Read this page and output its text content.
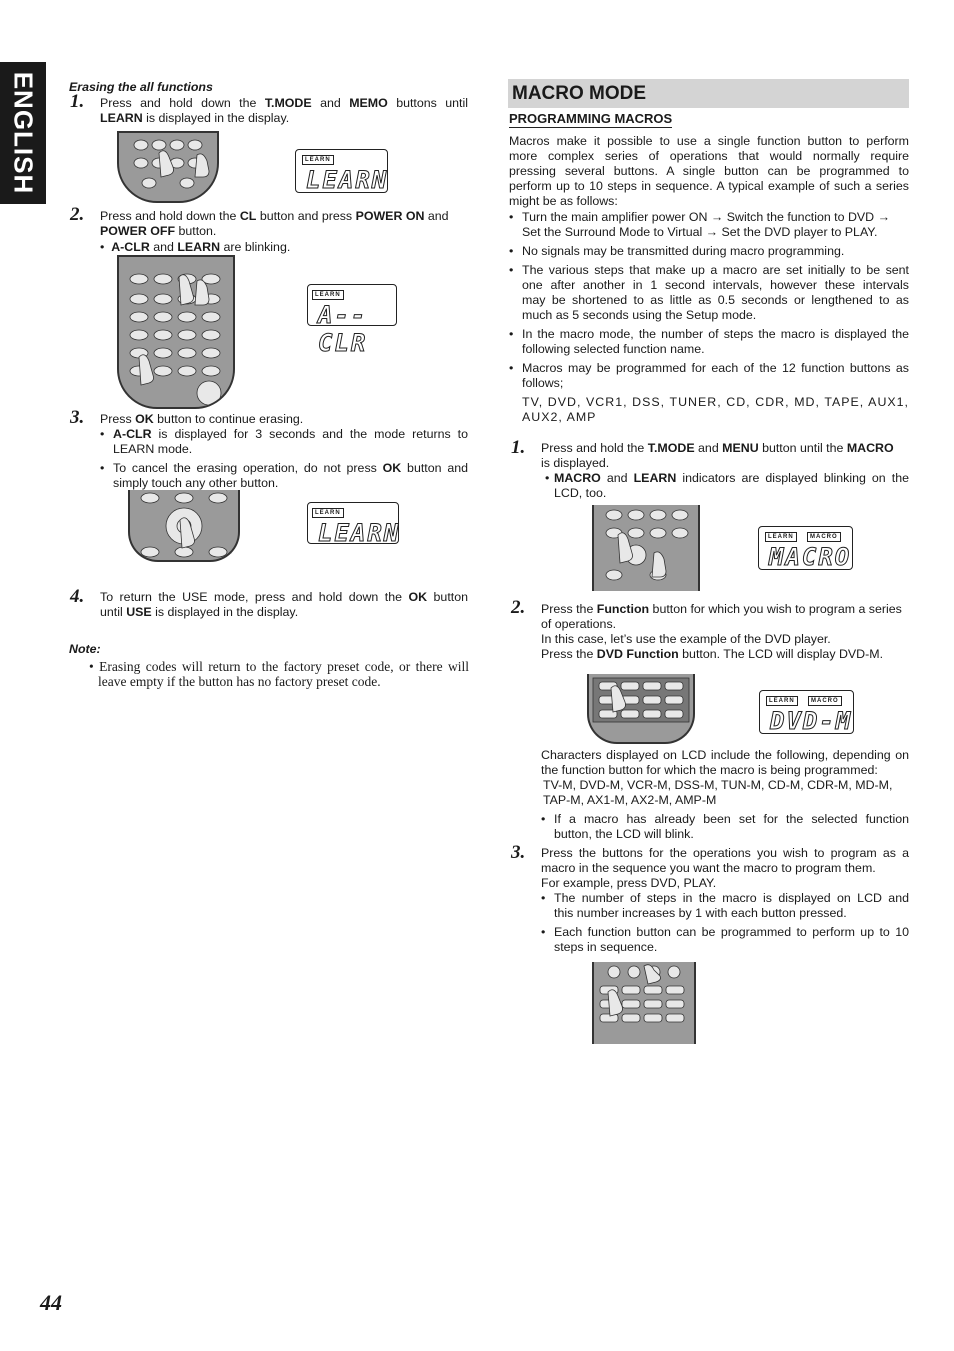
ENGLISH Erasing the all functions
1. Press and hold down the T.MODE and MEMO buttons until
LEARN is displayed in the display.
LEARN
LEARN
2. Press and hold down the CL button and press POWER ON and
POWER OFF button.
•  A-CLR and LEARN are blinking.
LEARN
A--CLR
3. Press OK button to continue erasing.
• A-CLR is displayed for 3 seconds and the mode returns to
LEARN mode.
• To cancel the erasing operation, do not press OK button and
simply touch any other button.
LEARN
LEARN
4. To return the USE mode, press and hold down the OK button
until USE is displayed in the display.
Note:
• Erasing codes will return to the factory preset code, or there will
leave empty if the button has no factory preset code.
MACRO MODE
PROGRAMMING MACROS
Macros make it possible to use a single function button to perform
more complex series of operations that would normally require
pressing several buttons. A single button can be programmed to
perform up to 10 steps in sequence. A typical example of such a series
might be as follows:
• Turn the main amplifier power ON → Switch the function to DVD →
Set the Surround Mode to Virtual → Set the DVD player to PLAY.
• No signals may be transmitted during macro programming.
• The various steps that make up a macro are set initially to be sent
one after another in 1 second intervals, however these intervals
may be shortened to as little as 0.5 seconds or lengthened to as
much as 5 seconds using the Setup mode.
• In the macro mode, the number of steps the macro is displayed the
following selected function name.
• Macros may be programmed for each of the 12 function buttons as
follows;
TV, DVD, VCR1, DSS, TUNER, CD, CDR, MD, TAPE, AUX1,
AUX2, AMP
1. Press and hold the T.MODE and MENU button until the MACRO
is displayed.
• MACRO and LEARN indicators are displayed blinking on the
LCD, too.
LEARN	MACRO
MACRO
2. Press the Function button for which you wish to program a series
of operations.
In this case, let’s use the example of the DVD player.
Press the DVD Function button. The LCD will display DVD-M.
LEARN	MACRO
DVD-M
Characters displayed on LCD include the following, depending on
the function button for which the macro is being programmed:
TV-M, DVD-M, VCR-M, DSS-M, TUN-M, CD-M, CDR-M, MD-M,
TAP-M, AX1-M, AX2-M, AMP-M
• If a macro has already been set for the selected function
button, the LCD will blink.
3. Press the buttons for the operations you wish to program as a
macro in the sequence you want the macro to program them.
For example, press DVD, PLAY.
• The number of steps in the macro is displayed on LCD and
this number increases by 1 with each button pressed.
• Each function button can be programmed to perform up to 10
steps in sequence.
44
